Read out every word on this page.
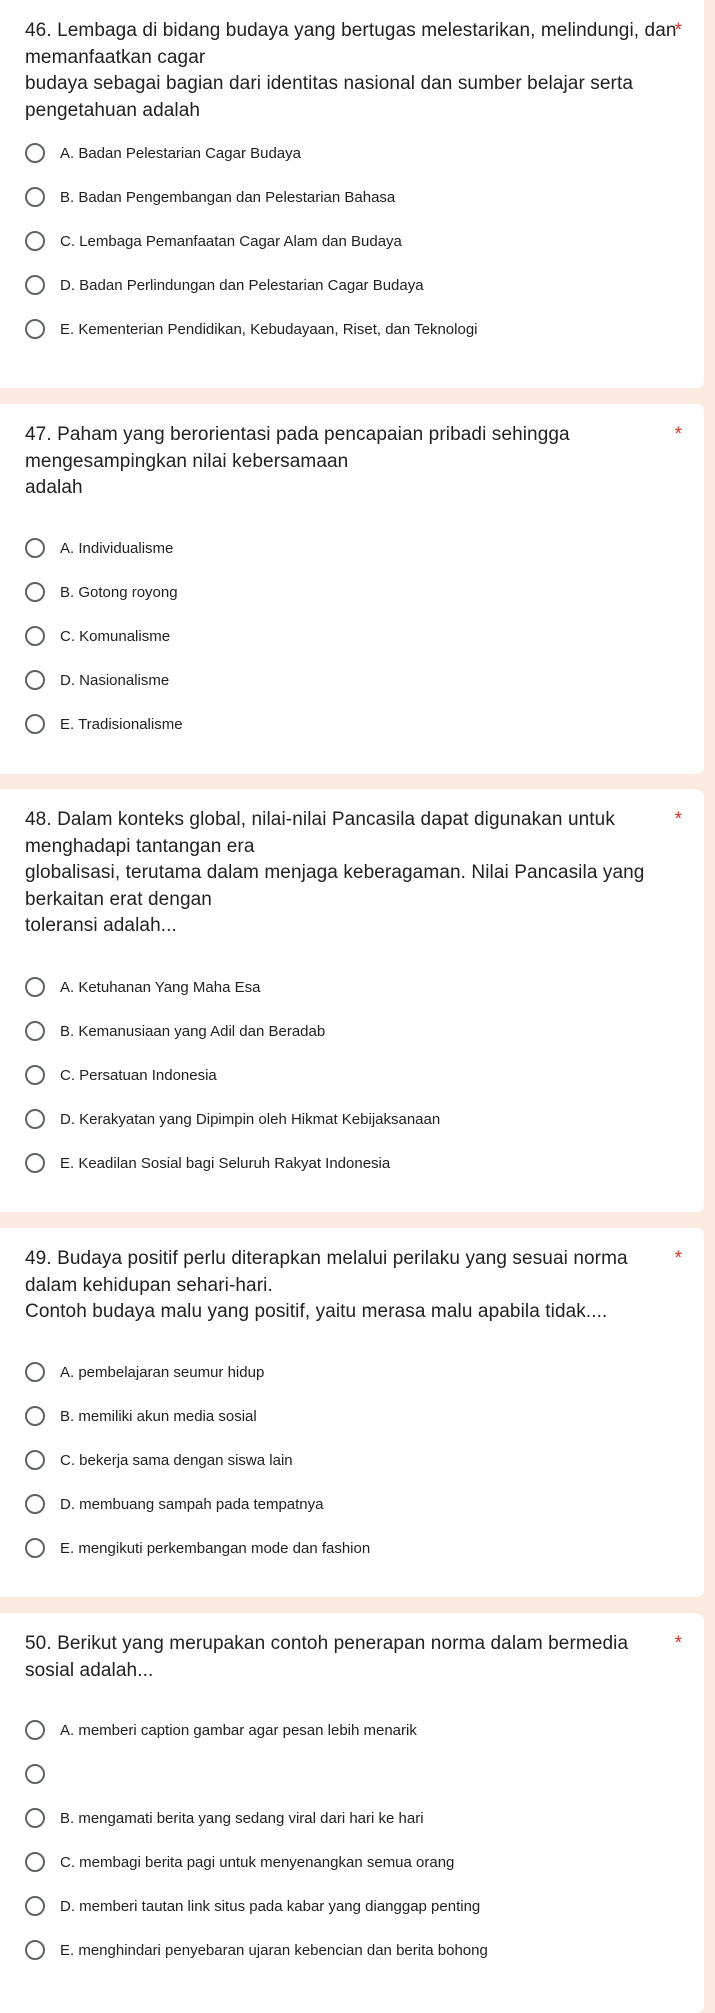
46. Lembaga di bidang budaya yang bertugas melestarikan, melindungi, dan
memanfaatkan cagar
budaya sebagai bagian dari identitas nasional dan sumber belajar serta
pengetahuan adalah
*
A. Badan Pelestarian Cagar Budaya
B. Badan Pengembangan dan Pelestarian Bahasa
C. Lembaga Pemanfaatan Cagar Alam dan Budaya
D. Badan Perlindungan dan Pelestarian Cagar Budaya
E. Kementerian Pendidikan, Kebudayaan, Riset, dan Teknologi
47. Paham yang berorientasi pada pencapaian pribadi sehingga
mengesampingkan nilai kebersamaan
adalah
*
A. Individualisme
B. Gotong royong
C. Komunalisme
D. Nasionalisme
E. Tradisionalisme
48. Dalam konteks global, nilai-nilai Pancasila dapat digunakan untuk
menghadapi tantangan era
globalisasi, terutama dalam menjaga keberagaman. Nilai Pancasila yang
berkaitan erat dengan
toleransi adalah...
*
A. Ketuhanan Yang Maha Esa
B. Kemanusiaan yang Adil dan Beradab
C. Persatuan Indonesia
D. Kerakyatan yang Dipimpin oleh Hikmat Kebijaksanaan
E. Keadilan Sosial bagi Seluruh Rakyat Indonesia
49. Budaya positif perlu diterapkan melalui perilaku yang sesuai norma
dalam kehidupan sehari-hari.
Contoh budaya malu yang positif, yaitu merasa malu apabila tidak....
*
A. pembelajaran seumur hidup
B. memiliki akun media sosial
C. bekerja sama dengan siswa lain
D. membuang sampah pada tempatnya
E. mengikuti perkembangan mode dan fashion
50. Berikut yang merupakan contoh penerapan norma dalam bermedia
sosial adalah...
*
A. memberi caption gambar agar pesan lebih menarik
B. mengamati berita yang sedang viral dari hari ke hari
C. membagi berita pagi untuk menyenangkan semua orang
D. memberi tautan link situs pada kabar yang dianggap penting
E. menghindari penyebaran ujaran kebencian dan berita bohong
